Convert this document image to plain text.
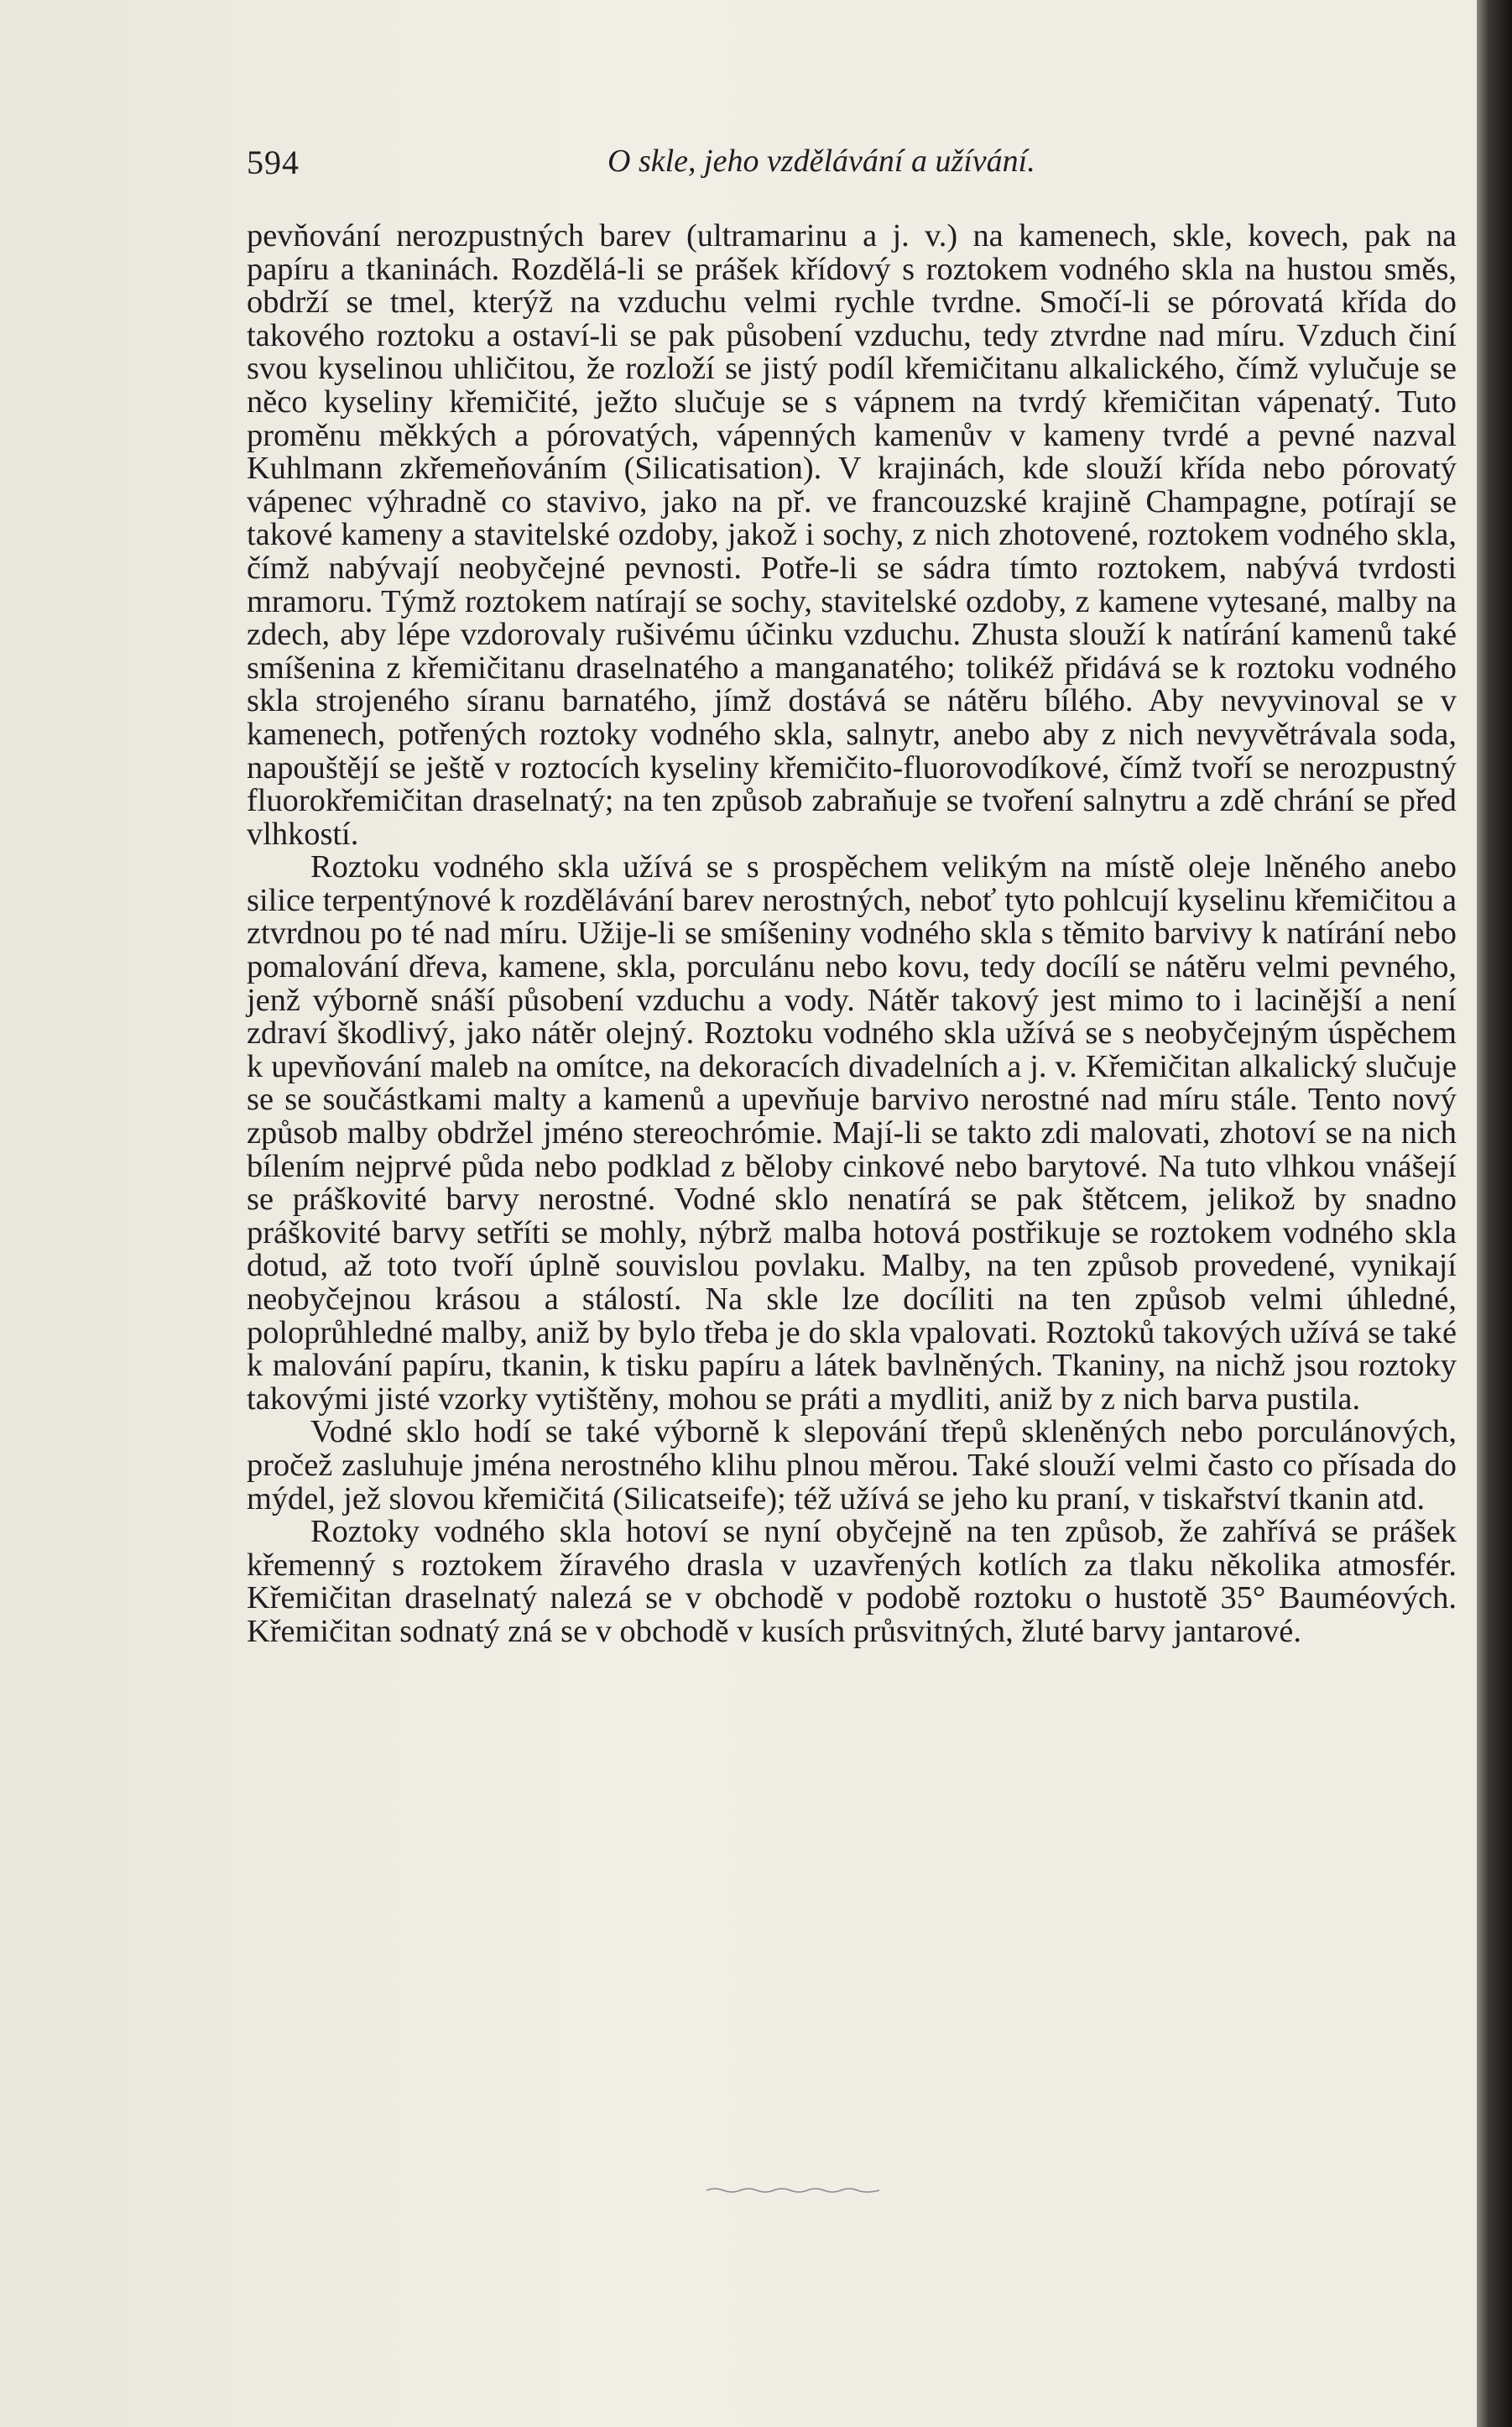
594	O skle, jeho vzdělávání a užívání.

pevňování nerozpustných barev (ultramarinu a j. v.) na kamenech, skle, kovech, pak na papíru a tkaninách. Rozdělá-li se prášek křídový s roztokem vodného skla na hustou směs, obdrží se tmel, kterýž na vzduchu velmi rychle tvrdne. Smočí-li se pórovatá křída do takového roztoku a ostaví-li se pak působení vzduchu, tedy ztvrdne nad míru. Vzduch činí svou kyselinou uhličitou, že rozloží se jistý podíl křemičitanu alkalického, čímž vylučuje se něco kyseliny křemičité, ježto slučuje se s vápnem na tvrdý křemičitan vápenatý. Tuto proměnu měkkých a pórovatých, vápenných kamenův v kameny tvrdé a pevné nazval Kuhlmann zkřemeňováním (Silicatisation). V krajinách, kde slouží křída nebo pórovatý vápenec výhradně co stavivo, jako na př. ve francouzské krajině Champagne, potírají se takové kameny a stavitelské ozdoby, jakož i sochy, z nich zhotovené, roztokem vodného skla, čímž nabývají neobyčejné pevnosti. Potře-li se sádra tímto roztokem, nabývá tvrdosti mramoru. Týmž roztokem natírají se sochy, stavitelské ozdoby, z kamene vytesané, malby na zdech, aby lépe vzdorovaly rušivému účinku vzduchu. Zhusta slouží k natírání kamenů také smíšenina z křemičitanu draselnatého a manganatého; tolikéž přidává se k roztoku vodného skla strojeného síranu barnatého, jímž dostává se nátěru bílého. Aby nevyvinoval se v kamenech, potřených roztoky vodného skla, salnytr, anebo aby z nich nevyvětrávala soda, napouštějí se ještě v roztocích kyseliny křemičito-fluorovodíkové, čímž tvoří se nerozpustný fluorokřemičitan draselnatý; na ten způsob zabraňuje se tvoření salnytru a zdě chrání se před vlhkostí.

Roztoku vodného skla užívá se s prospěchem velikým na místě oleje lněného anebo silice terpentýnové k rozdělávání barev nerostných, neboť tyto pohlcují kyselinu křemičitou a ztvrdnou po té nad míru. Užije-li se smíšeniny vodného skla s těmito barvivy k natírání nebo pomalování dřeva, kamene, skla, porculánu nebo kovu, tedy docílí se nátěru velmi pevného, jenž výborně snáší působení vzduchu a vody. Nátěr takový jest mimo to i lacinější a není zdraví škodlivý, jako nátěr olejný. Roztoku vodného skla užívá se s neobyčejným úspěchem k upevňování maleb na omítce, na dekoracích divadelních a j. v. Křemičitan alkalický slučuje se se součástkami malty a kamenů a upevňuje barvivo nerostné nad míru stále. Tento nový způsob malby obdržel jméno stereochrómie. Mají-li se takto zdi malovati, zhotoví se na nich bílením nejprvé půda nebo podklad z běloby cinkové nebo barytové. Na tuto vlhkou vnášejí se práškovité barvy nerostné. Vodné sklo nenatírá se pak štětcem, jelikož by snadno práškovité barvy setříti se mohly, nýbrž malba hotová postřikuje se roztokem vodného skla dotud, až toto tvoří úplně souvislou povlaku. Malby, na ten způsob provedené, vynikají neobyčejnou krásou a stálostí. Na skle lze docíliti na ten způsob velmi úhledné, poloprůhledné malby, aniž by bylo třeba je do skla vpalovati. Roztoků takových užívá se také k malování papíru, tkanin, k tisku papíru a látek bavlněných. Tkaniny, na nichž jsou roztoky takovými jisté vzorky vytištěny, mohou se práti a mydliti, aniž by z nich barva pustila.

Vodné sklo hodí se také výborně k slepování třepů skleněných nebo porculánových, pročež zasluhuje jména nerostného klihu plnou měrou. Také slouží velmi často co přísada do mýdel, jež slovou křemičitá (Silicatseife); též užívá se jeho ku praní, v tiskařství tkanin atd.

Roztoky vodného skla hotoví se nyní obyčejně na ten způsob, že zahřívá se prášek křemenný s roztokem žíravého drasla v uzavřených kotlích za tlaku několika atmosfér. Křemičitan draselnatý nalezá se v obchodě v podobě roztoku o hustotě 35° Bauméových. Křemičitan sodnatý zná se v obchodě v kusích průsvitných, žluté barvy jantarové.
